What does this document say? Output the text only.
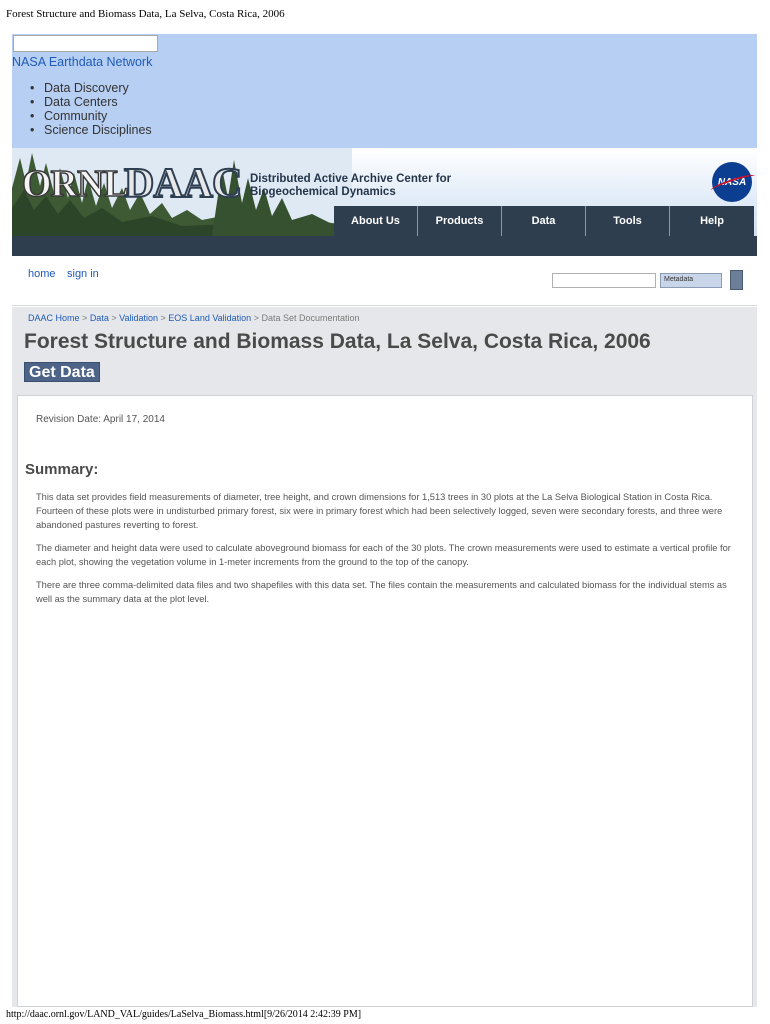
Forest Structure and Biomass Data, La Selva, Costa Rica, 2006
NASA Earthdata Network
• Data Discovery
• Data Centers
• Community
• Science Disciplines
ORNL
DAAC Distributed Active Archive Center for
Biogeochemical Dynamics
NASA
About Us	Products	Data	Tools	Help
home sign in	Metadata
DAAC Home > Data > Validation > EOS Land Validation > Data Set Documentation
Forest Structure and Biomass Data, La Selva, Costa Rica, 2006
Get Data
Revision Date: April 17, 2014
Summary:

This data set provides field measurements of diameter, tree height, and crown dimensions for 1,513 trees in 30 plots at the La Selva Biological Station in Costa Rica. Fourteen of these plots were in undisturbed primary forest, six were in primary forest which had been selectively logged, seven were secondary forests, and three were abandoned pastures reverting to forest.

The diameter and height data were used to calculate aboveground biomass for each of the 30 plots. The crown measurements were used to estimate a vertical profile for each plot, showing the vegetation volume in 1-meter increments from the ground to the top of the canopy.

There are three comma-delimited data files and two shapefiles with this data set. The files contain the measurements and calculated biomass for the individual stems as well as the summary data at the plot level.

http://daac.ornl.gov/LAND_VAL/guides/LaSelva_Biomass.html[9/26/2014 2:42:39 PM]
